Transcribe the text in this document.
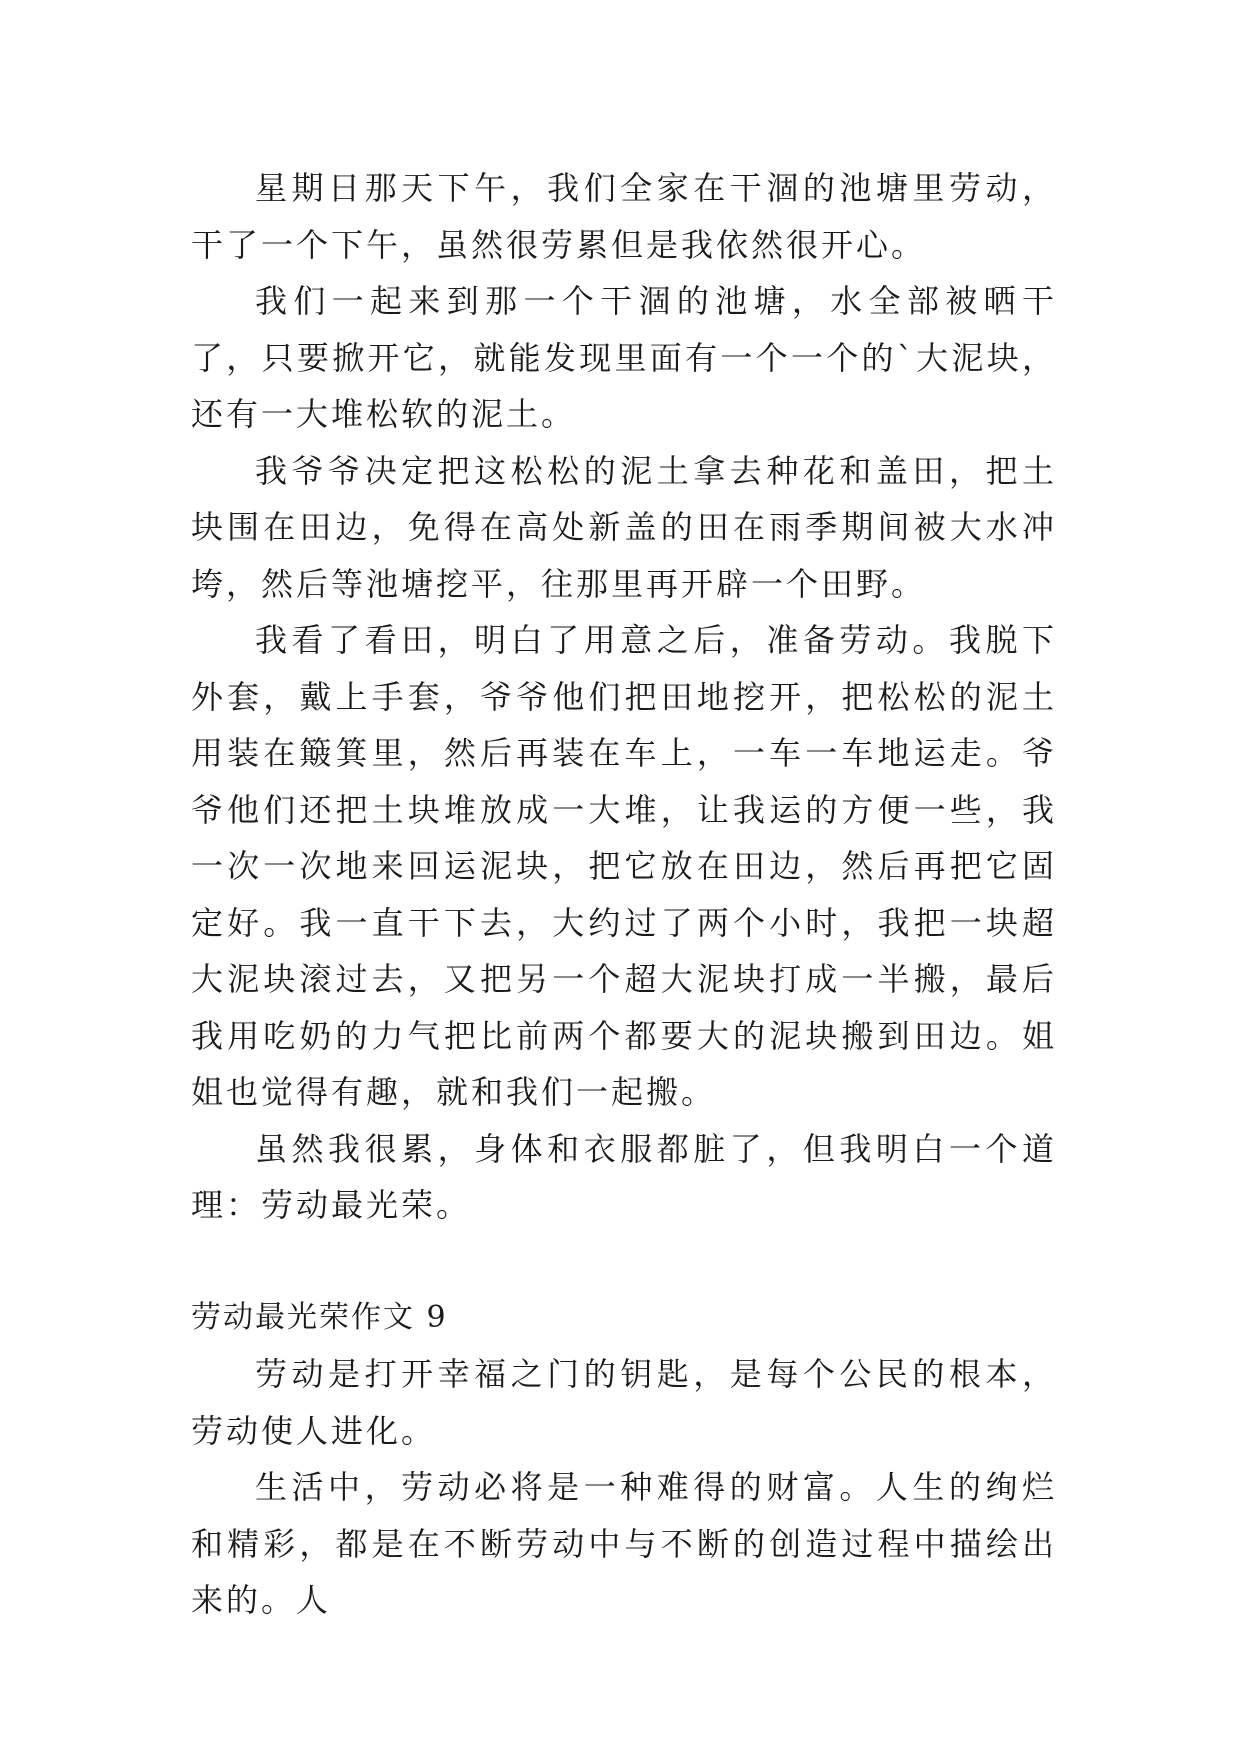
星期日那天下午，我们全家在干涸的池塘里劳动，干了一个下午，虽然很劳累但是我依然很开心。

我们一起来到那一个干涸的池塘，水全部被晒干了，只要掀开它，就能发现里面有一个一个的`大泥块，还有一大堆松软的泥土。

我爷爷决定把这松松的泥土拿去种花和盖田，把土块围在田边，免得在高处新盖的田在雨季期间被大水冲垮，然后等池塘挖平，往那里再开辟一个田野。

我看了看田，明白了用意之后，准备劳动。我脱下外套，戴上手套，爷爷他们把田地挖开，把松松的泥土用装在簸箕里，然后再装在车上，一车一车地运走。爷爷他们还把土块堆放成一大堆，让我运的方便一些，我一次一次地来回运泥块，把它放在田边，然后再把它固定好。我一直干下去，大约过了两个小时，我把一块超大泥块滚过去，又把另一个超大泥块打成一半搬，最后我用吃奶的力气把比前两个都要大的泥块搬到田边。姐姐也觉得有趣，就和我们一起搬。

虽然我很累，身体和衣服都脏了，但我明白一个道理：劳动最光荣。

劳动最光荣作文 9

劳动是打开幸福之门的钥匙，是每个公民的根本，劳动使人进化。

生活中，劳动必将是一种难得的财富。人生的绚烂和精彩，都是在不断劳动中与不断的创造过程中描绘出来的。人
